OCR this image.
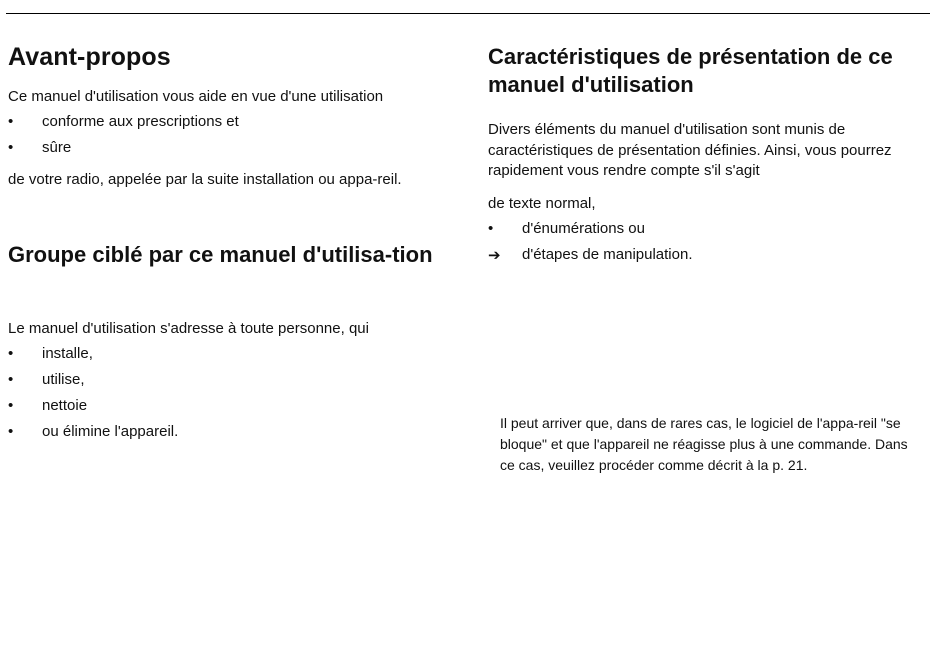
Avant-propos

Ce manuel d'utilisation vous aide en vue d'une utilisation

•	conforme aux prescriptions et
•	sûre

de votre radio, appelée par la suite installation ou appa-reil.

Groupe ciblé par ce manuel d'utilisa-tion

Le manuel d'utilisation s'adresse à toute personne, qui

•	installe,
•	utilise,
•	nettoie
•	ou élimine l'appareil.
Caractéristiques de présentation de ce manuel d'utilisation

Divers éléments du manuel d'utilisation sont munis de caractéristiques de présentation définies. Ainsi, vous pourrez rapidement vous rendre compte s'il s'agit

de texte normal,

•	d'énumérations ou
➔	d'étapes de manipulation.

Il peut arriver que, dans de rares cas, le logiciel de l'appa-reil "se bloque" et que l'appareil ne réagisse plus à une commande. Dans ce cas, veuillez procéder comme décrit à la p. 21.
